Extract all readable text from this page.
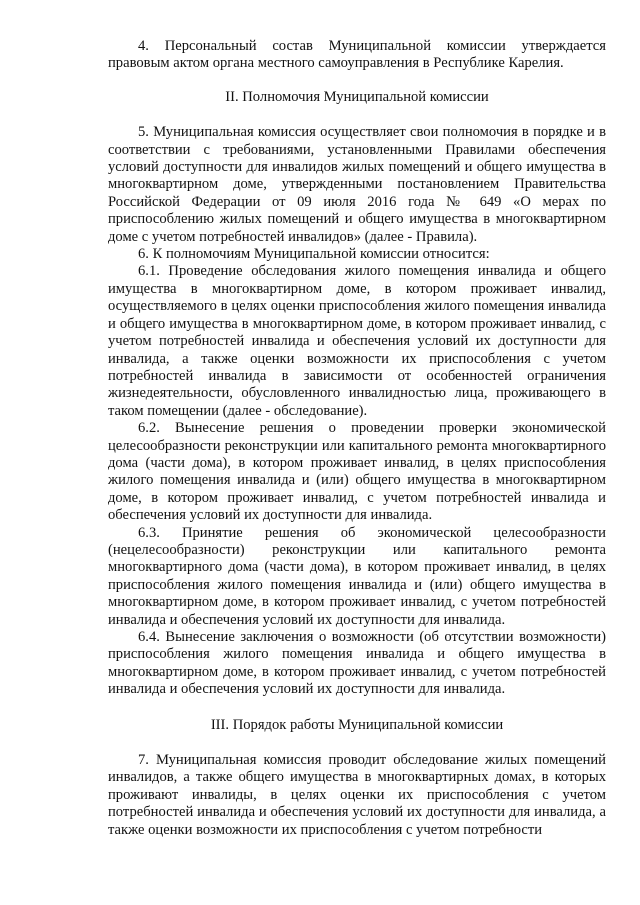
4. Персональный состав Муниципальной комиссии утверждается правовым актом органа местного самоуправления в Республике Карелия.

II. Полномочия Муниципальной комиссии

5. Муниципальная комиссия осуществляет свои полномочия в порядке и в соответствии с требованиями, установленными Правилами обеспечения условий доступности для инвалидов жилых помещений и общего имущества в многоквартирном доме, утвержденными постановлением Правительства Российской Федерации от 09 июля 2016 года № 649 «О мерах по приспособлению жилых помещений и общего имущества в многоквартирном доме с учетом потребностей инвалидов» (далее - Правила).

6. К полномочиям Муниципальной комиссии относится:

6.1. Проведение обследования жилого помещения инвалида и общего имущества в многоквартирном доме, в котором проживает инвалид, осуществляемого в целях оценки приспособления жилого помещения инвалида и общего имущества в многоквартирном доме, в котором проживает инвалид, с учетом потребностей инвалида и обеспечения условий их доступности для инвалида, а также оценки возможности их приспособления с учетом потребностей инвалида в зависимости от особенностей ограничения жизнедеятельности, обусловленного инвалидностью лица, проживающего в таком помещении (далее - обследование).

6.2. Вынесение решения о проведении проверки экономической целесообразности реконструкции или капитального ремонта многоквартирного дома (части дома), в котором проживает инвалид, в целях приспособления жилого помещения инвалида и (или) общего имущества в многоквартирном доме, в котором проживает инвалид, с учетом потребностей инвалида и обеспечения условий их доступности для инвалида.

6.3. Принятие решения об экономической целесообразности (нецелесообразности) реконструкции или капитального ремонта многоквартирного дома (части дома), в котором проживает инвалид, в целях приспособления жилого помещения инвалида и (или) общего имущества в многоквартирном доме, в котором проживает инвалид, с учетом потребностей инвалида и обеспечения условий их доступности для инвалида.

6.4. Вынесение заключения о возможности (об отсутствии возможности) приспособления жилого помещения инвалида и общего имущества в многоквартирном доме, в котором проживает инвалид, с учетом потребностей инвалида и обеспечения условий их доступности для инвалида.

III. Порядок работы Муниципальной комиссии

7. Муниципальная комиссия проводит обследование жилых помещений инвалидов, а также общего имущества в многоквартирных домах, в которых проживают инвалиды, в целях оценки их приспособления с учетом потребностей инвалида и обеспечения условий их доступности для инвалида, а также оценки возможности их приспособления с учетом потребности
